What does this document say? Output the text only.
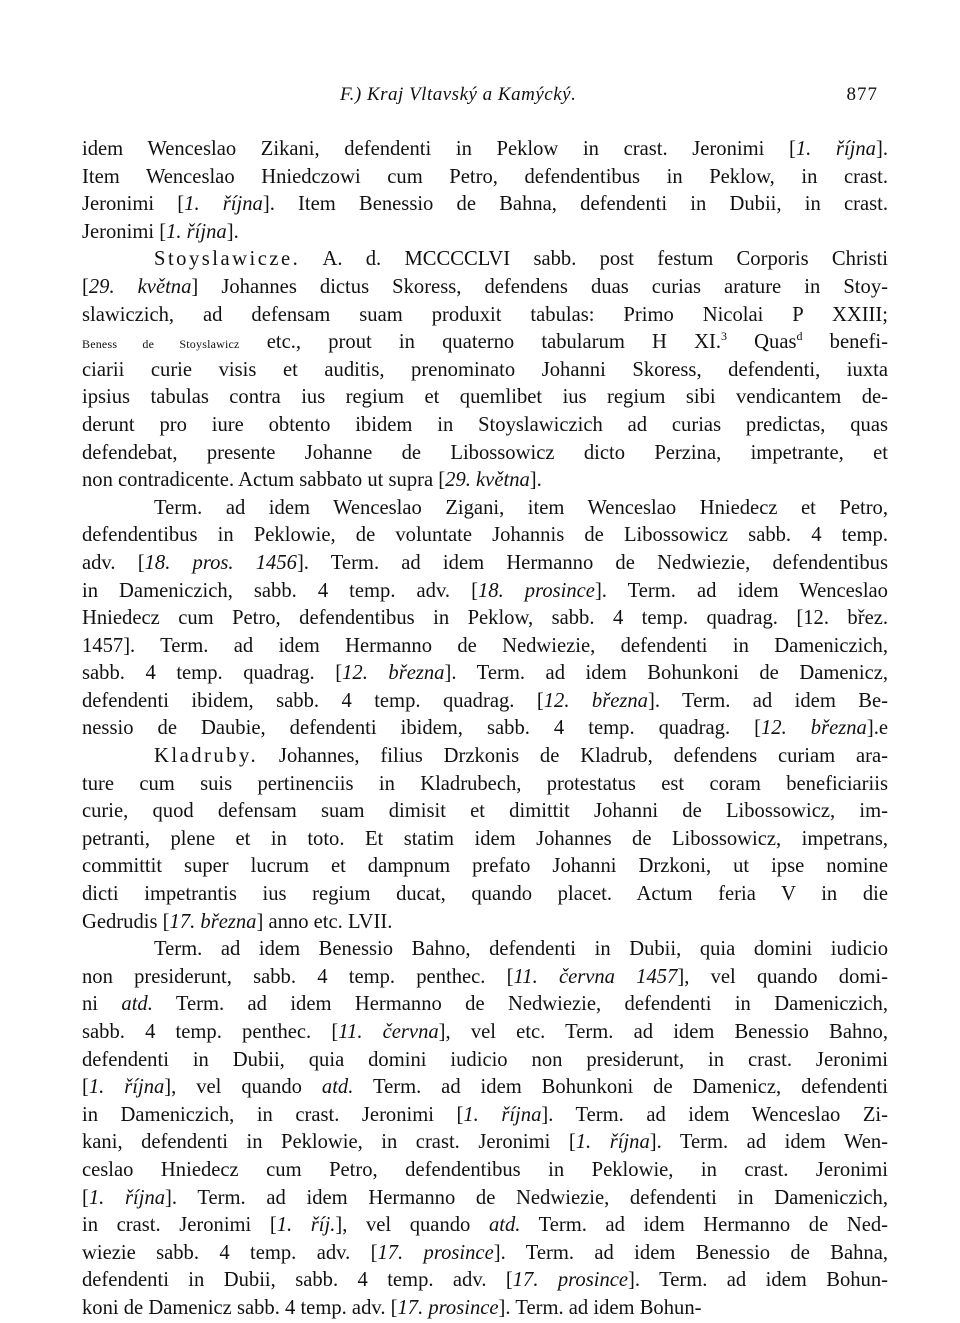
F.) Kraj Vltavský a Kamýcký.	877
idem Wenceslao Zikani, defendenti in Peklow in crast. Jeronimi [1. října].
Item Wenceslao Hniedczowi cum Petro, defendentibus in Peklow, in crast.
Jeronimi [1. října]. Item Benessio de Bahna, defendenti in Dubii, in crast.
Jeronimi [1. října].
Stoyslawicze. A. d. MCCCCLVI sabb. post festum Corporis Christi
[29. května] Johannes dictus Skoress, defendens duas curias arature in Stoy-
slawiczich, ad defensam suam produxit tabulas: Primo Nicolai P XXIII;
Beness de Stoyslawicz etc., prout in quaterno tabularum H XI.$^3$ Quas$^d$ benefi-
ciarii curie visis et auditis, prenominato Johanni Skoress, defendenti, iuxta
ipsius tabulas contra ius regium et quemlibet ius regium sibi vendicantem de-
derunt pro iure obtento ibidem in Stoyslawiczich ad curias predictas, quas
defendebat, presente Johanne de Libossowicz dicto Perzina, impetrante, et
non contradicente. Actum sabbato ut supra [29. května].
Term. ad idem Wenceslao Zigani, item Wenceslao Hniedecz et Petro,
defendentibus in Peklowie, de voluntate Johannis de Libossowicz sabb. 4 temp.
adv. [18. pros. 1456]. Term. ad idem Hermanno de Nedwiezie, defendentibus
in Dameniczich, sabb. 4 temp. adv. [18. prosince]. Term. ad idem Wenceslao
Hniedecz cum Petro, defendentibus in Peklow, sabb. 4 temp. quadrag. [12. břez.
1457]. Term. ad idem Hermanno de Nedwiezie, defendenti in Dameniczich,
sabb. 4 temp. quadrag. [12. března]. Term. ad idem Bohunkoni de Damenicz,
defendenti ibidem, sabb. 4 temp. quadrag. [12. března]. Term. ad idem Be-
nessio de Daubie, defendenti ibidem, sabb. 4 temp. quadrag. [12. března].e
Kladruby. Johannes, filius Drzkonis de Kladrub, defendens curiam ara-
ture cum suis pertinenciis in Kladrubech, protestatus est coram beneficiariis
curie, quod defensam suam dimisit et dimittit Johanni de Libossowicz, im-
petranti, plene et in toto. Et statim idem Johannes de Libossowicz, impetrans,
committit super lucrum et dampnum prefato Johanni Drzkoni, ut ipse nomine
dicti impetrantis ius regium ducat, quando placet. Actum feria V in die
Gedrudis [17. března] anno etc. LVII.
Term. ad idem Benessio Bahno, defendenti in Dubii, quia domini iudicio
non presiderunt, sabb. 4 temp. penthec. [11. června 1457], vel quando domi-
ni atd. Term. ad idem Hermanno de Nedwiezie, defendenti in Dameniczich,
sabb. 4 temp. penthec. [11. června], vel etc. Term. ad idem Benessio Bahno,
defendenti in Dubii, quia domini iudicio non presiderunt, in crast. Jeronimi
[1. října], vel quando atd. Term. ad idem Bohunkoni de Damenicz, defendenti
in Dameniczich, in crast. Jeronimi [1. října]. Term. ad idem Wenceslao Zi-
kani, defendenti in Peklowie, in crast. Jeronimi [1. října]. Term. ad idem Wen-
ceslao Hniedecz cum Petro, defendentibus in Peklowie, in crast. Jeronimi
[1. října]. Term. ad idem Hermanno de Nedwiezie, defendenti in Dameniczich,
in crast. Jeronimi [1. říj.], vel quando atd. Term. ad idem Hermanno de Ned-
wiezie sabb. 4 temp. adv. [17. prosince]. Term. ad idem Benessio de Bahna,
defendenti in Dubii, sabb. 4 temp. adv. [17. prosince]. Term. ad idem Bohun-
koni de Damenicz sabb. 4 temp. adv. [17. prosince]. Term. ad idem Bohun-
